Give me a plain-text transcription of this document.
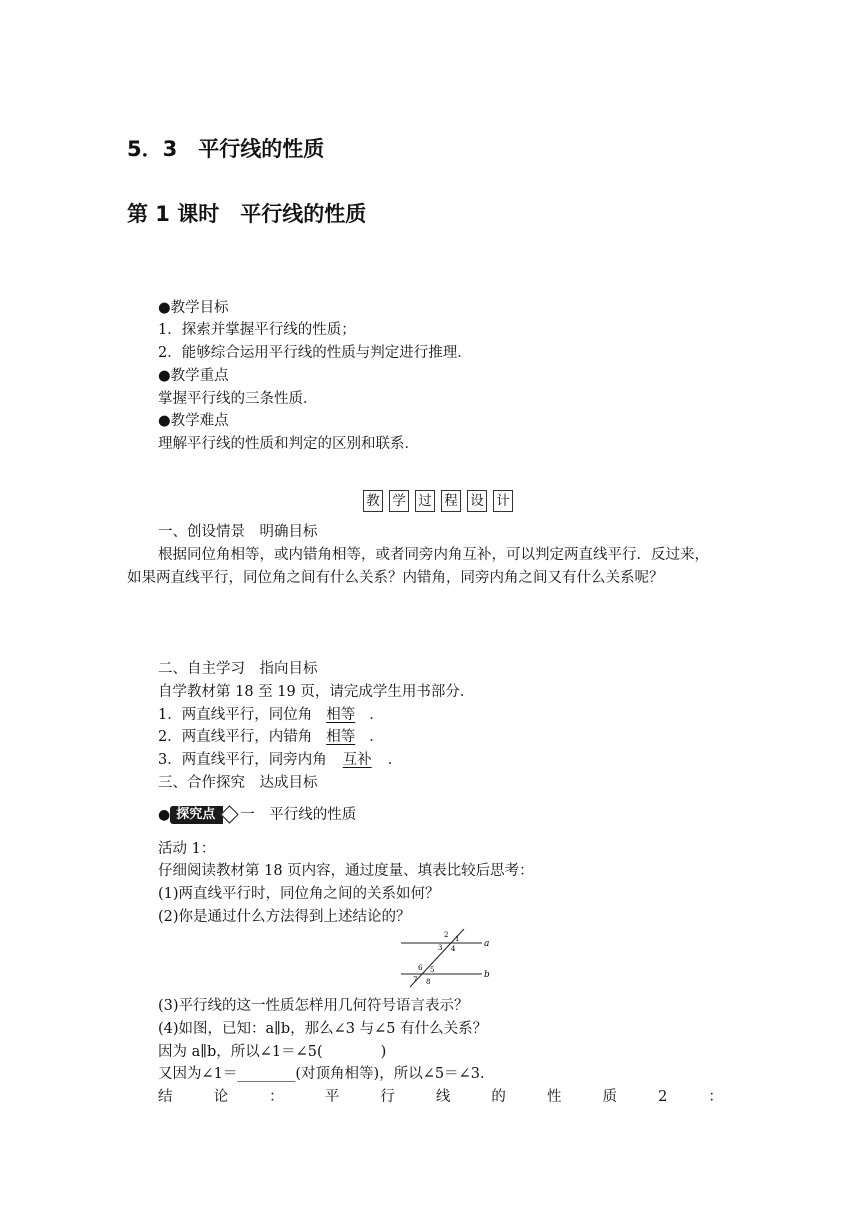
5．3　平行线的性质
第 1 课时　平行线的性质
●教学目标
1．探索并掌握平行线的性质；
2．能够综合运用平行线的性质与判定进行推理．
●教学重点
掌握平行线的三条性质．
●教学难点
理解平行线的性质和判定的区别和联系．
教 学 过 程 设 计
一、创设情景　明确目标
根据同位角相等，或内错角相等，或者同旁内角互补，可以判定两直线平行．反过来，
如果两直线平行，同位角之间有什么关系？内错角，同旁内角之间又有什么关系呢？
二、自主学习　指向目标
自学教材第 18 至 19 页，请完成学生用书部分．
1．两直线平行，同位角 相等 ．
2．两直线平行，内错角 相等 ．
3．两直线平行，同旁内角 互补 ．
三、合作探究　达成目标
● 探究点	一　平行线的性质
活动 1：
仔细阅读教材第 18 页内容，通过度量、填表比较后思考：
(1)两直线平行时，同位角之间的关系如何？
(2)你是通过什么方法得到上述结论的？
a
b
1
2
3 4
5
6
7 8
(3)平行线的这一性质怎样用几何符号语言表示？
(4)如图，已知：a∥b，那么∠3 与∠5 有什么关系？
因为 a∥b，所以∠1＝∠5(　　　　)
又因为∠1＝________(对顶角相等)，所以∠5＝∠3.
结	论	：	平	行	线	的	性	质	2	：
